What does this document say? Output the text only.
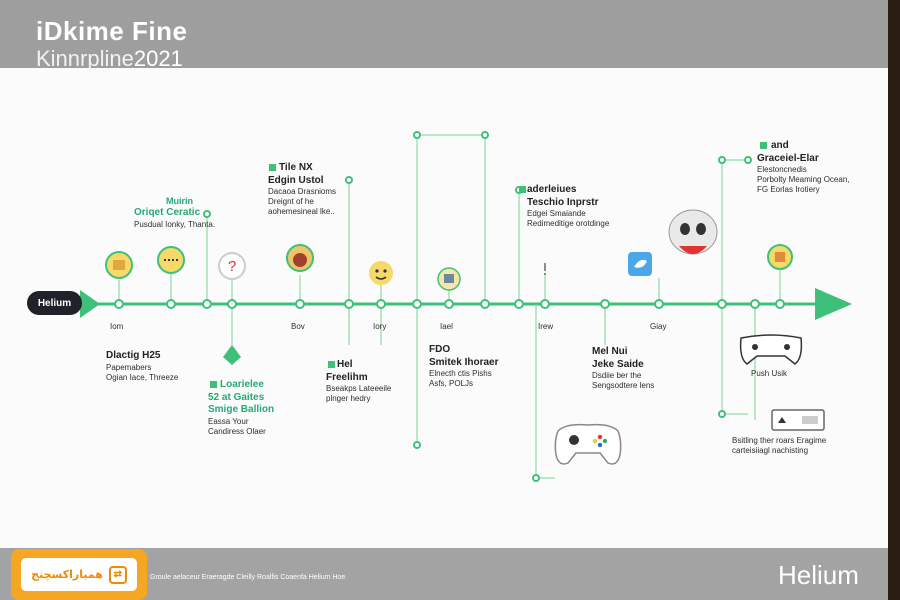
iDkime Fine
Kinnrpline2021
?
Helium
Iom	Bov	Iory	Iael	Irew	Giay
Push Usik
Dlactig H25
Papemabers
Ogian Iace, Threeze
Muirin
Oriqet Ceratic
Pusdual Ionky, Thanta.
Loarielee
52 at Gaites
Smige Ballion
Eassa Your
Candiress Olaer
Tile NX
Edgin Ustol
Dacaoa Drasnioms
Dreignt of he
aohemesineal lke..
Hel
Freelihm
Bseakps Lateeeile
plnger hedry
FDO
Smitek Ihoraer
Elnecth ctis Pishs
Asfs, POLJs
aderleiues
Teschio Inprstr
Edgei Smaiande
Redimeditige orotdinge
Mel Nui
Jeke Saide
Dsdiie ber the
Sengsodtere lens
and
Graceiel-Elar
Elestoncnedis
Porbolty Meaming Ocean,
FG Eorlas Irotiery
Bsitling ther roars Eragime
carteisiiagl nachisting
Groule aelaceur Eraeragde Cleilly Roalfis Coaenfa Helium Hoe	Helium
همیاراکسچنج	⇄
